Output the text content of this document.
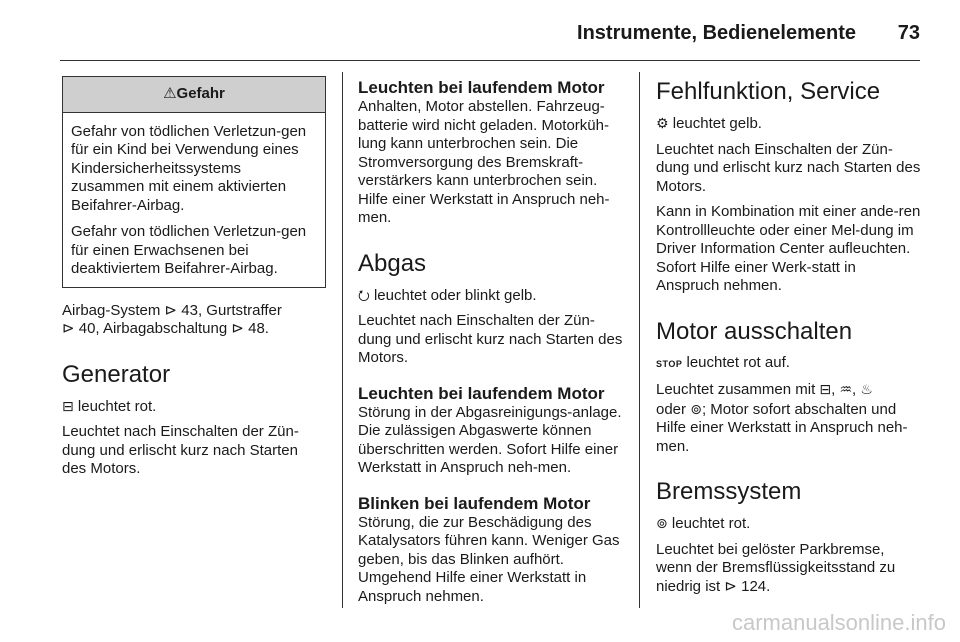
Instrumente, Bedienelemente 73
⚠Gefahr

Gefahr von tödlichen Verletzun-gen für ein Kind bei Verwendung eines Kindersicherheitssystems zusammen mit einem aktivierten Beifahrer-Airbag.

Gefahr von tödlichen Verletzun-gen für einen Erwachsenen bei deaktiviertem Beifahrer-Airbag.

Airbag-System ⊳ 43, Gurtstraffer
⊳ 40, Airbagabschaltung ⊳ 48.

Generator

⊟ leuchtet rot.

Leuchtet nach Einschalten der Zün-dung und erlischt kurz nach Starten des Motors.

Leuchten bei laufendem Motor

Anhalten, Motor abstellen. Fahrzeug-batterie wird nicht geladen. Motorküh-lung kann unterbrochen sein. Die Stromversorgung des Bremskraft-verstärkers kann unterbrochen sein. Hilfe einer Werkstatt in Anspruch neh-men.

Abgas

⭮ leuchtet oder blinkt gelb.

Leuchtet nach Einschalten der Zün-dung und erlischt kurz nach Starten des Motors.

Leuchten bei laufendem Motor

Störung in der Abgasreinigungs-anlage. Die zulässigen Abgaswerte können überschritten werden. Sofort Hilfe einer Werkstatt in Anspruch neh-men.

Blinken bei laufendem Motor

Störung, die zur Beschädigung des Katalysators führen kann. Weniger Gas geben, bis das Blinken aufhört. Umgehend Hilfe einer Werkstatt in Anspruch nehmen.

Fehlfunktion, Service

⚙ leuchtet gelb.

Leuchtet nach Einschalten der Zün-dung und erlischt kurz nach Starten des Motors.

Kann in Kombination mit einer ande-ren Kontrollleuchte oder einer Mel-dung im Driver Information Center aufleuchten. Sofort Hilfe einer Werk-statt in Anspruch nehmen.

Motor ausschalten

STOP leuchtet rot auf.

Leuchtet zusammen mit ⊟, ♒, ♨
oder ⊚; Motor sofort abschalten und Hilfe einer Werkstatt in Anspruch neh-men.

Bremssystem

⊚ leuchtet rot.

Leuchtet bei gelöster Parkbremse, wenn der Bremsflüssigkeitsstand zu niedrig ist ⊳ 124.

carmanualsonline.info
